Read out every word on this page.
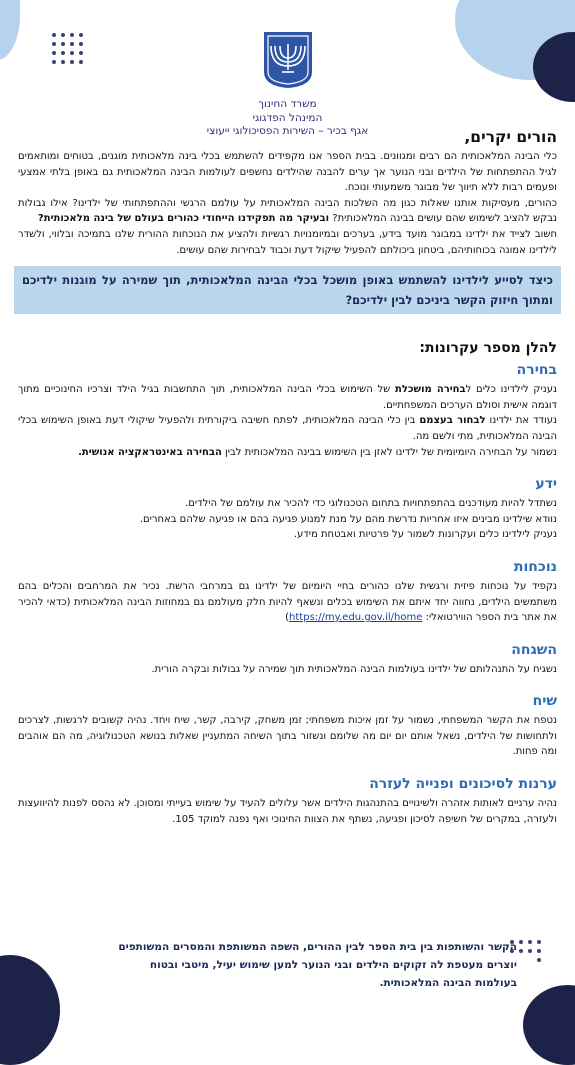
משרד החינוך
המינהל הפדגוגי
אגף בכיר – השירות הפסיכולוגי ייעוצי	הורים יקרים,

כלי הבינה המלאכותית הם רבים ומגוונים. בבית הספר אנו מקפידים להשתמש בכלי בינה מלאכותית מוגנים, בטוחים ומותאמים לגיל ההתפתחות של הילדים ובני הנוער אך ערים להבנה שהילדים נחשפים לעולמות הבינה המלאכותית גם באופן בלתי אמצעי ופעמים רבות ללא תיווך של מבוגר משמעותי ונוכח.

כהורים, מעסיקות אותנו שאלות כגון מה השלכות הבינה המלאכותית על עולמם הרגשי וההתפתחותי של ילדינו? אילו גבולות נבקש להציב לשימוש שהם עושים בבינה המלאכותית? ובעיקר מה תפקידנו הייחודי כהורים בעולם של בינה מלאכותית?

חשוב לצייד את ילדינו במבוגר מועד בידע, בערכים ובמיומנויות רגשיות ולהציע את הנוכחות ההורית שלנו בתמיכה ובלווי, ולשדר לילדינו אמונה בכוחותיהם, ביטחון ביכולתם להפעיל שיקול דעת וכבוד לבחירות שהם עושים.

כיצד לסייע לילדינו להשתמש באופן מושכל בכלי הבינה המלאכותית, תוך שמירה על מוגנות ילדיכם ומתוך חיזוק הקשר ביניכם לבין ילדיכם?
להלן מספר עקרונות:
בחירה

נעניק לילדינו כלים לבחירה מושכלת של השימוש בכלי הבינה המלאכותית, תוך התחשבות בגיל הילד וצרכיו החינוכיים מתוך דוגמה אישית וסולם הערכים המשפחתיים.

נעודד את ילדינו לבחור בעצמם בין כלי הבינה המלאכותית, לפתח חשיבה ביקורתית ולהפעיל שיקולי דעת באופן השימוש בכלי הבינה המלאכותית, מתי ולשם מה.

נשמור על הבחירה היומיומית של ילדינו לאזן בין השימוש בבינה המלאכותית לבין הבחירה באינטראקציה אנושית.

ידע

נשתדל להיות מעודכנים בהתפתחויות בתחום הטכנולוגי כדי להכיר את עולמם של הילדים.

נוודא שילדינו מבינים איזו אחריות נדרשת מהם על מנת למנוע פגיעה בהם או פגיעה שלהם באחרים.

נעניק לילדינו כלים ועקרונות לשמור על פרטיות ואבטחת מידע.

נוכחות

נקפיד על נוכחות פיזית ורגשית שלנו כהורים בחיי היומיום של ילדינו גם במרחבי הרשת. נכיר את המרחבים והכלים בהם משתמשים הילדים, נחווה יחד איתם את השימוש בכלים ונשאף להיות חלק מעולמם גם במחוזות הבינה המלאכותית (כדאי להכיר את אתר בית הספר הווירטואלי: https://my.edu.gov.il/home)

השגחה

נשגיח על התנהלותם של ילדינו בעולמות הבינה המלאכותית תוך שמירה על גבולות ובקרה הורית.

שיח

נטפח את הקשר המשפחתי, נשמור על זמן איכות משפחתי; זמן משחק, קירבה, קשר, שיח ויחד. נהיה קשובים לרגשות, לצרכים ולתחושות של הילדים, נשאל אותם יום יום מה שלומם ונשזור בתוך השיחה המתעניין שאלות בנושא הטכנולוגיה, מה הם אוהבים ומה פחות.

ערנות לסיכונים ופנייה לעזרה

נהיה ערניים לאותות אזהרה ולשינויים בהתנהגות הילדים אשר עלולים להעיד על שימוש בעייתי ומסוכן. לא נהסס לפנות להיוועצות ולעזרה, במקרים של חשיפה לסיכון ופגיעה, נשתף את הצוות החינוכי ואף נפנה למוקד 105.

הקשר והשותפות בין בית הספר לבין ההורים, השפה המשותפת והמסרים המשותפים יוצרים מעטפת לה זקוקים הילדים ובני הנוער למען שימוש יעיל, מיטבי ובטוח בעולמות הבינה המלאכותית.
